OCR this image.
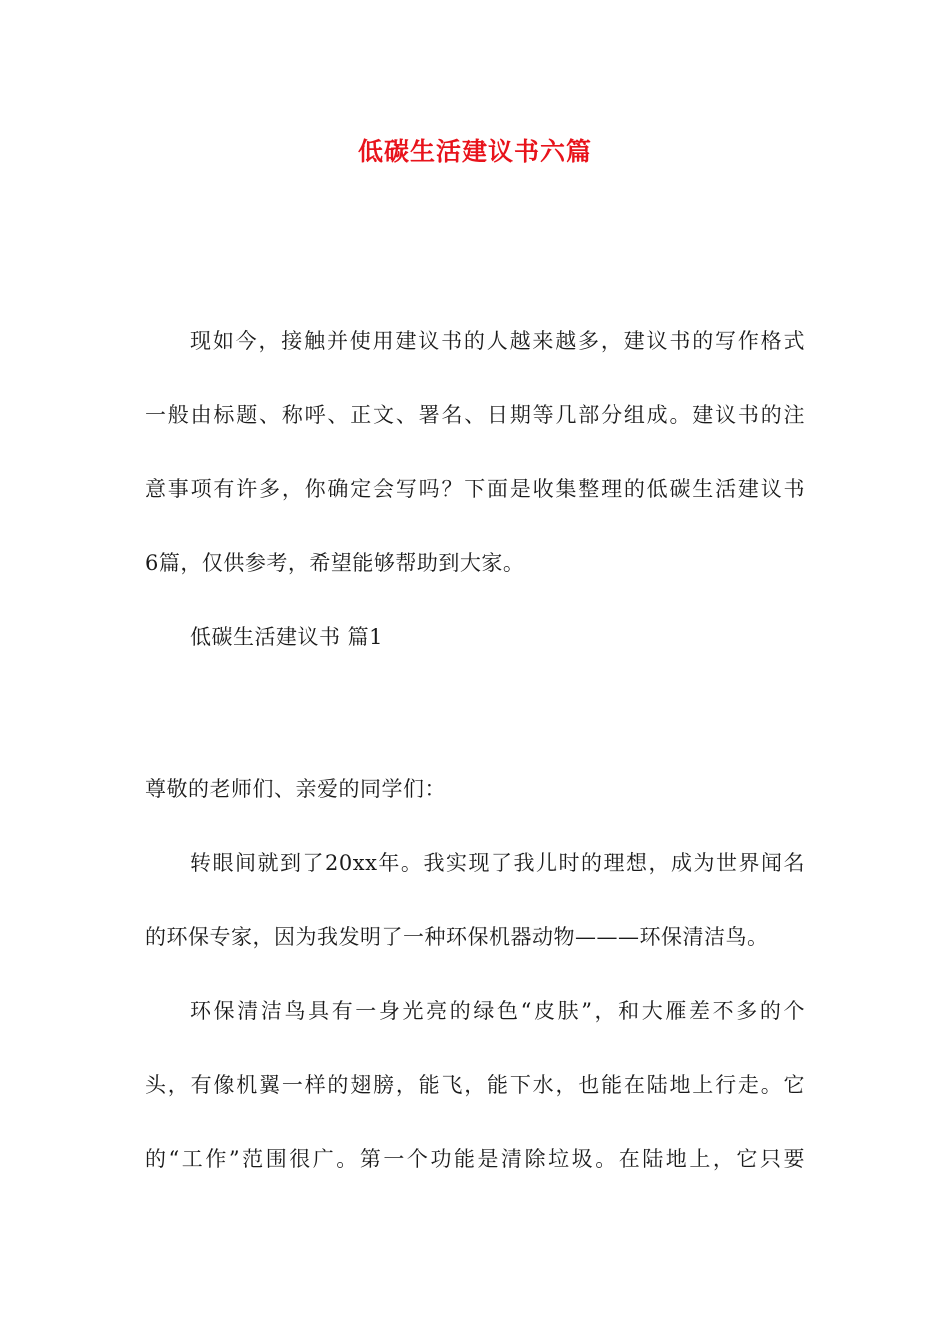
低碳生活建议书六篇
现如今，接触并使用建议书的人越来越多，建议书的写作格式
一般由标题、称呼、正文、署名、日期等几部分组成。建议书的注
意事项有许多，你确定会写吗？下面是收集整理的低碳生活建议书
6篇，仅供参考，希望能够帮助到大家。
低碳生活建议书 篇1
尊敬的老师们、亲爱的同学们：
转眼间就到了20xx年。我实现了我儿时的理想，成为世界闻名
的环保专家，因为我发明了一种环保机器动物———环保清洁鸟。
环保清洁鸟具有一身光亮的绿色“皮肤”，和大雁差不多的个
头，有像机翼一样的翅膀，能飞，能下水，也能在陆地上行走。它
的“工作”范围很广。第一个功能是清除垃圾。在陆地上，它只要
